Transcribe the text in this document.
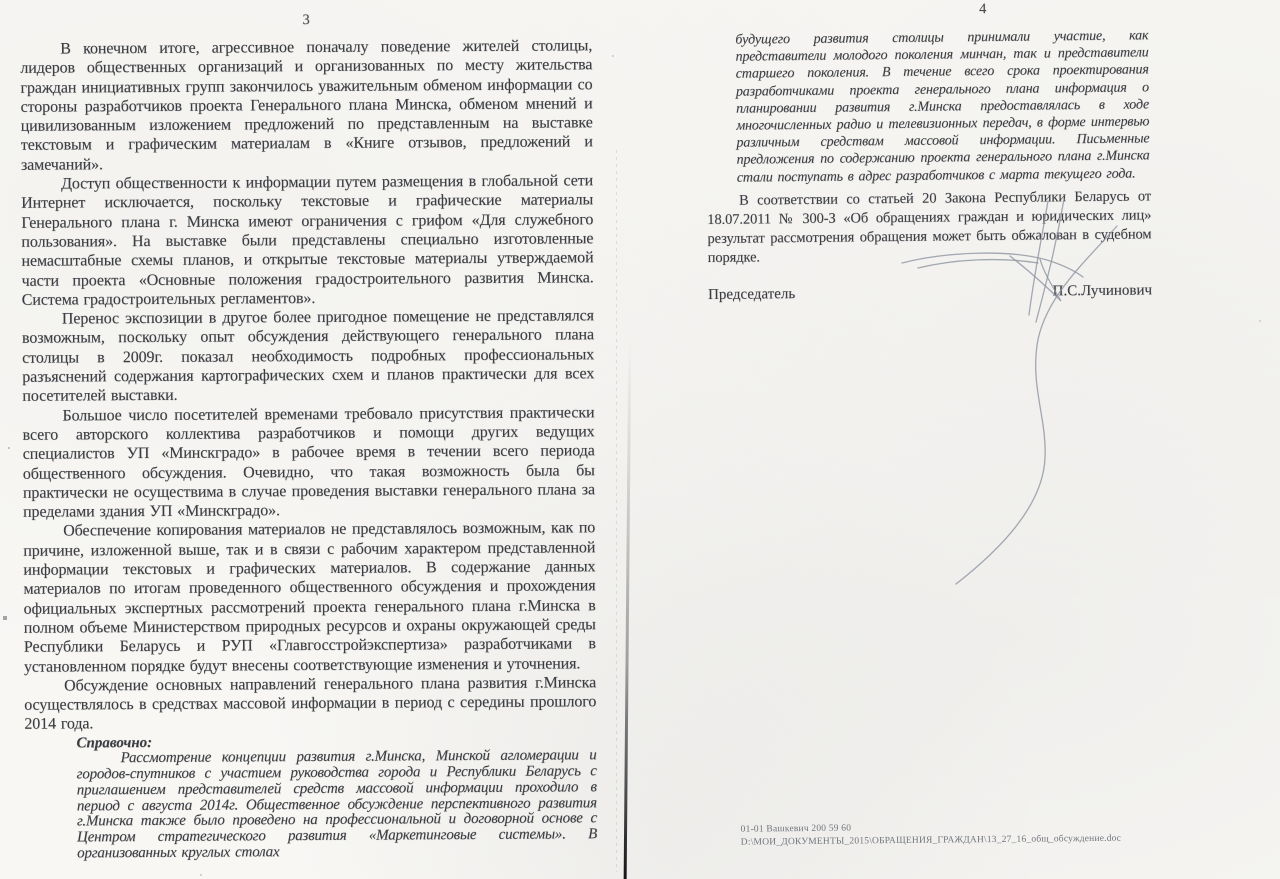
3

В конечном итоге, агрессивное поначалу поведение жителей столицы, лидеров общественных организаций и организованных по месту жительства граждан инициативных групп закончилось уважительным обменом информации со стороны разработчиков проекта Генерального плана Минска, обменом мнений и цивилизованным изложением предложений по представленным на выставке текстовым и графическим материалам в «Книге отзывов, предложений и замечаний».

Доступ общественности к информации путем размещения в глобальной сети Интернет исключается, поскольку текстовые и графические материалы Генерального плана г. Минска имеют ограничения с грифом «Для служебного пользования». На выставке были представлены специально изготовленные немасштабные схемы планов, и открытые текстовые материалы утверждаемой части проекта «Основные положения градостроительного развития Минска. Система градостроительных регламентов».

Перенос экспозиции в другое более пригодное помещение не представлялся возможным, поскольку опыт обсуждения действующего генерального плана столицы в 2009г. показал необходимость подробных профессиональных разъяснений содержания картографических схем и планов практически для всех посетителей выставки.

Большое число посетителей временами требовало присутствия практически всего авторского коллектива разработчиков и помощи других ведущих специалистов УП «Минскградо» в рабочее время в течении всего периода общественного обсуждения. Очевидно, что такая возможность была бы практически не осуществима в случае проведения выставки генерального плана за пределами здания УП «Минскградо».

Обеспечение копирования материалов не представлялось возможным, как по причине, изложенной выше, так и в связи с рабочим характером представленной информации текстовых и графических материалов. В содержание данных материалов по итогам проведенного общественного обсуждения и прохождения официальных экспертных рассмотрений проекта генерального плана г.Минска в полном объеме Министерством природных ресурсов и охраны окружающей среды Республики Беларусь и РУП «Главгосстройэкспертиза» разработчиками в установленном порядке будут внесены соответствующие изменения и уточнения.

Обсуждение основных направлений генерального плана развития г.Минска осуществлялось в средствах массовой информации в период с середины прошлого 2014 года.

Справочно:

Рассмотрение концепции развития г.Минска, Минской агломерации и городов-спутников с участием руководства города и Республики Беларусь с приглашением представителей средств массовой информации проходило в период с августа 2014г. Общественное обсуждение перспективного развития г.Минска также было проведено на профессиональной и договорной основе с Центром стратегического развития «Маркетинговые системы». В организованных круглых столах

4

будущего развития столицы принимали участие, как представители молодого поколения минчан, так и представители старшего поколения. В течение всего срока проектирования разработчиками проекта генерального плана информация о планировании развития г.Минска предоставлялась в ходе многочисленных радио и телевизионных передач, в форме интервью различным средствам массовой информации. Письменные предложения по содержанию проекта генерального плана г.Минска стали поступать в адрес разработчиков с марта текущего года.

В соответствии со статьей 20 Закона Республики Беларусь от 18.07.2011 № 300-З «Об обращениях граждан и юридических лиц» результат рассмотрения обращения может быть обжалован в судебном порядке.

Председатель	П.С.Лучинович
01-01 Вашкевич 200 59 60
D:\МОИ_ДОКУМЕНТЫ_2015\ОБРАЩЕНИЯ_ГРАЖДАН\13_27_16_общ_обсуждение.doc
